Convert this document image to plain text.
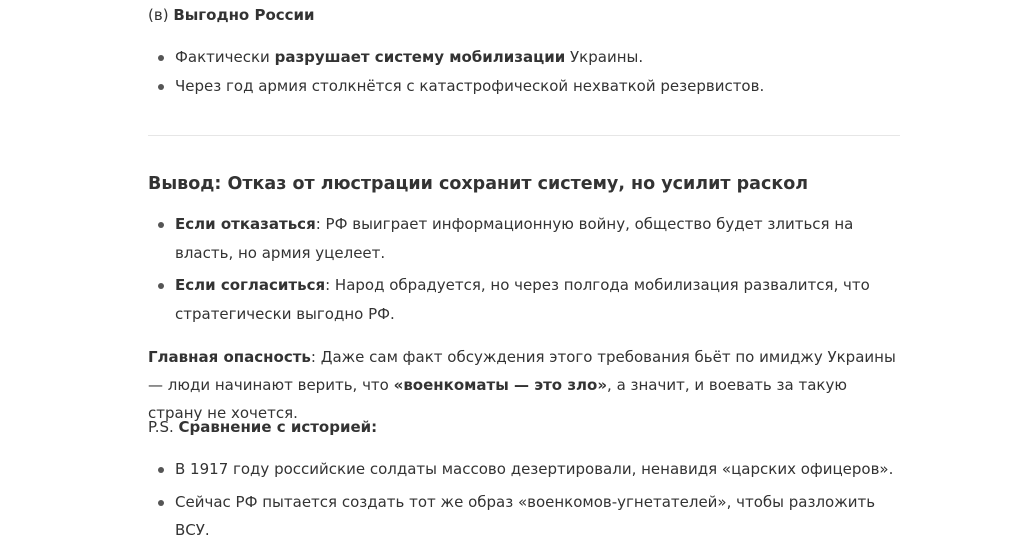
(в) Выгодно России
Фактически разрушает систему мобилизации Украины.
Через год армия столкнётся с катастрофической нехваткой резервистов.
Вывод: Отказ от люстрации сохранит систему, но усилит раскол
Если отказаться: РФ выиграет информационную войну, общество будет злиться на власть, но армия уцелеет.
Если согласиться: Народ обрадуется, но через полгода мобилизация развалится, что стратегически выгодно РФ.

Главная опасность: Даже сам факт обсуждения этого требования бьёт по имиджу Украины — люди начинают верить, что «военкоматы — это зло», а значит, и воевать за такую страну не хочется.

P.S. Сравнение с историей:

В 1917 году российские солдаты массово дезертировали, ненавидя «царских офицеров».
Сейчас РФ пытается создать тот же образ «военкомов-угнетателей», чтобы разложить ВСУ.
